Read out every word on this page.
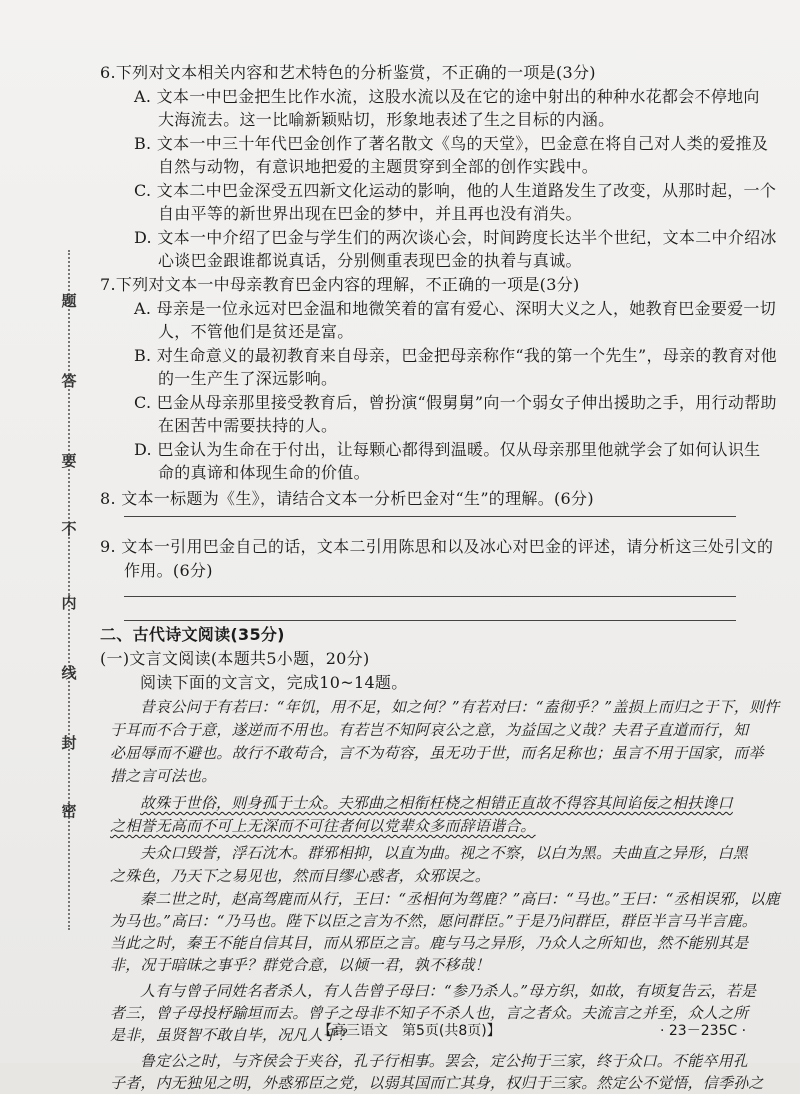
题
答
要
不
内
线
封
密
6.下列对文本相关内容和艺术特色的分析鉴赏，不正确的一项是(3分)
A. 文本一中巴金把生比作水流，这股水流以及在它的途中射出的种种水花都会不停地向
大海流去。这一比喻新颖贴切，形象地表述了生之目标的内涵。
B. 文本一中三十年代巴金创作了著名散文《鸟的天堂》，巴金意在将自己对人类的爱推及
自然与动物，有意识地把爱的主题贯穿到全部的创作实践中。
C. 文本二中巴金深受五四新文化运动的影响，他的人生道路发生了改变，从那时起，一个
自由平等的新世界出现在巴金的梦中，并且再也没有消失。
D. 文本一中介绍了巴金与学生们的两次谈心会，时间跨度长达半个世纪，文本二中介绍冰
心谈巴金跟谁都说真话，分别侧重表现巴金的执着与真诚。
7.下列对文本一中母亲教育巴金内容的理解，不正确的一项是(3分)
A. 母亲是一位永远对巴金温和地微笑着的富有爱心、深明大义之人，她教育巴金要爱一切
人，不管他们是贫还是富。
B. 对生命意义的最初教育来自母亲，巴金把母亲称作“我的第一个先生”，母亲的教育对他
的一生产生了深远影响。
C. 巴金从母亲那里接受教育后，曾扮演“假舅舅”向一个弱女子伸出援助之手，用行动帮助
在困苦中需要扶持的人。
D. 巴金认为生命在于付出，让每颗心都得到温暖。仅从母亲那里他就学会了如何认识生
命的真谛和体现生命的价值。
8. 文本一标题为《生》，请结合文本一分析巴金对“生”的理解。(6分)
9. 文本一引用巴金自己的话，文本二引用陈思和以及冰心对巴金的评述，请分析这三处引文的
作用。(6分)
二、古代诗文阅读(35分)
(一)文言文阅读(本题共5小题，20分)
阅读下面的文言文，完成10~14题。
昔哀公问于有若曰：“年饥，用不足，如之何？”有若对曰：“盍彻乎？”盖损上而归之于下，则忤
于耳而不合于意，遂逆而不用也。有若岂不知阿哀公之意，为益国之义哉？夫君子直道而行，知
必屈辱而不避也。故行不敢苟合，言不为苟容，虽无功于世，而名足称也；虽言不用于国家，而举
措之言可法也。
故殊于世俗，则身孤于士众。夫邪曲之相衔枉桡之相错正直故不得容其间谄佞之相扶谗口
之相誉无高而不可上无深而不可往者何以党辈众多而辞语谐合。
夫众口毁誉，浮石沈木。群邪相抑，以直为曲。视之不察，以白为黑。夫曲直之异形，白黑
之殊色，乃天下之易见也，然而目缪心惑者，众邪误之。
秦二世之时，赵高驾鹿而从行，王曰：“丞相何为驾鹿？”高曰：“马也。”王曰：“丞相误邪，以鹿
为马也。”高曰：“乃马也。陛下以臣之言为不然，愿问群臣。”于是乃问群臣，群臣半言马半言鹿。
当此之时，秦王不能自信其目，而从邪臣之言。鹿与马之异形，乃众人之所知也，然不能别其是
非，况于暗昧之事乎？群党合意，以倾一君，孰不移哉！
人有与曾子同姓名者杀人，有人告曾子母曰：“参乃杀人。”母方织，如故，有顷复告云，若是
者三，曾子母投杼踰垣而去。曾子之母非不知子不杀人也，言之者众。夫流言之并至，众人之所
是非，虽贤智不敢自毕，况凡人乎？
鲁定公之时，与齐侯会于夹谷，孔子行相事。罢会，定公拘于三家，终于众口。不能卒用孔
子者，内无独见之明，外惑邪臣之党，以弱其国而亡其身，权归于三家。然定公不觉悟，信季孙之
【高三语文　第5页(共8页)】	· 23－235C ·
